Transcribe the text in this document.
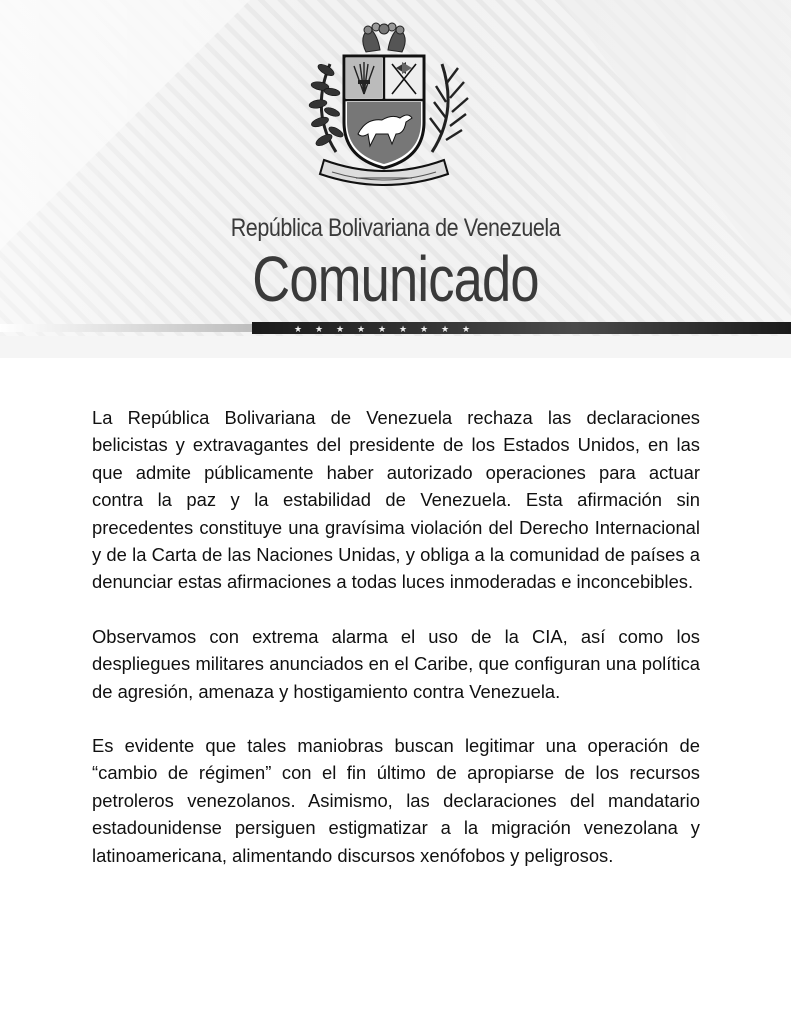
República Bolivariana de Venezuela
Comunicado
★ ★ ★ ★ ★ ★ ★ ★ ★

La República Bolivariana de Venezuela rechaza las declaraciones belicistas y extravagantes del presidente de los Estados Unidos, en las que admite públicamente haber autorizado operaciones para actuar contra la paz y la estabilidad de Venezuela. Esta afirmación sin precedentes constituye una gravísima violación del Derecho Internacional y de la Carta de las Naciones Unidas, y obliga a la comunidad de países a denunciar estas afirmaciones a todas luces inmoderadas e inconcebibles.

Observamos con extrema alarma el uso de la CIA, así como los despliegues militares anunciados en el Caribe, que configuran una política de agresión, amenaza y hostigamiento contra Venezuela.

Es evidente que tales maniobras buscan legitimar una operación de “cambio de régimen” con el fin último de apropiarse de los recursos petroleros venezolanos. Asimismo, las declaraciones del mandatario estadounidense persiguen estigmatizar a la migración venezolana y latinoamericana, alimentando discursos xenófobos y peligrosos.
